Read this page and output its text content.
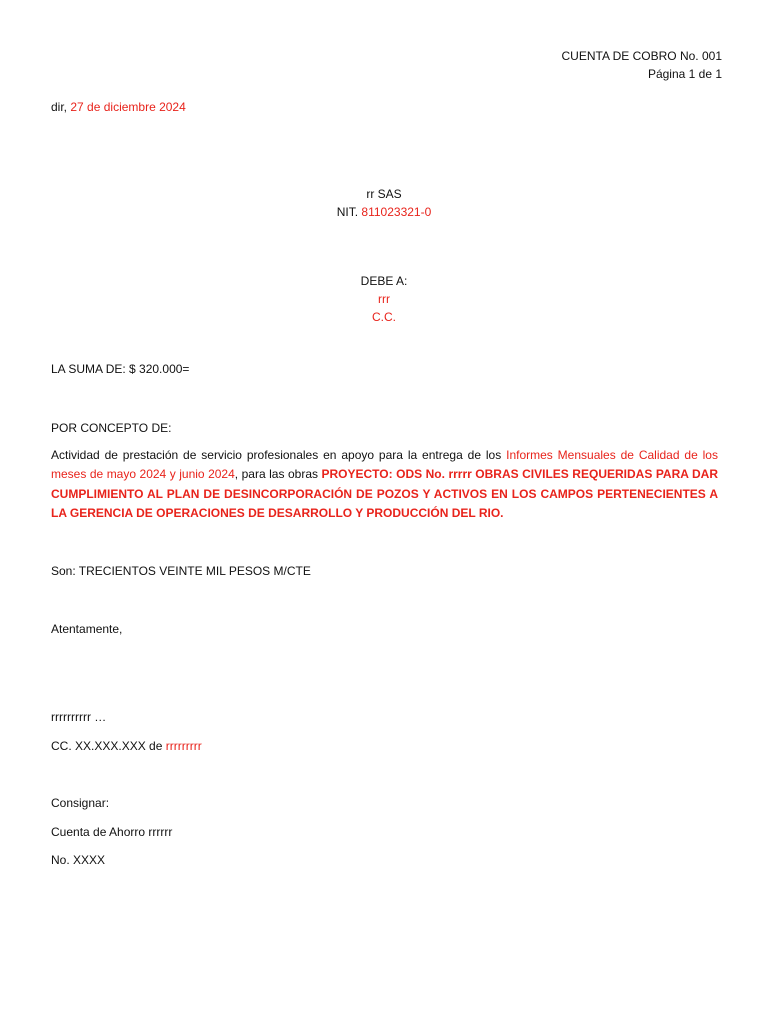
CUENTA DE COBRO No. 001
Página 1 de 1
dir, 27 de diciembre 2024
rr SAS
NIT. 811023321-0
DEBE A:
rrr
C.C.
LA SUMA DE: $ 320.000=
POR CONCEPTO DE:
Actividad de prestación de servicio profesionales en apoyo para la entrega de los Informes Mensuales de Calidad de los meses de mayo 2024 y junio 2024, para las obras PROYECTO: ODS No. rrrrr OBRAS CIVILES REQUERIDAS PARA DAR CUMPLIMIENTO AL PLAN DE DESINCORPORACIÓN DE POZOS Y ACTIVOS EN LOS CAMPOS PERTENECIENTES A LA GERENCIA DE OPERACIONES DE DESARROLLO Y PRODUCCIÓN DEL RIO.
Son: TRECIENTOS VEINTE MIL PESOS M/CTE
Atentamente,
rrrrrrrrrr …
CC. XX.XXX.XXX de rrrrrrrrr
Consignar:
Cuenta de Ahorro rrrrrr
No. XXXX
